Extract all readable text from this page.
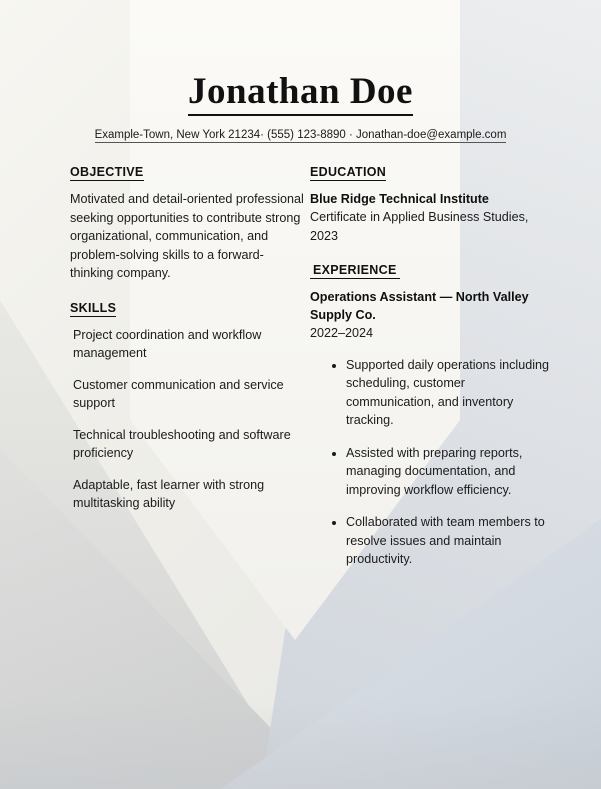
Jonathan Doe
Example-Town, New York 21234· (555) 123-8890 · Jonathan-doe@example.com
OBJECTIVE

Motivated and detail-oriented professional seeking opportunities to contribute strong organizational, communication, and problem-solving skills to a forward-thinking company.

SKILLS

Project coordination and workflow management

Customer communication and service support

Technical troubleshooting and software proficiency

Adaptable, fast learner with strong multitasking ability

EDUCATION

Blue Ridge Technical Institute

Certificate in Applied Business Studies, 2023

EXPERIENCE

Operations Assistant — North Valley Supply Co.

2022–2024

• Supported daily operations including scheduling, customer communication, and inventory tracking.
• Assisted with preparing reports, managing documentation, and improving workflow efficiency.
• Collaborated with team members to resolve issues and maintain productivity.
